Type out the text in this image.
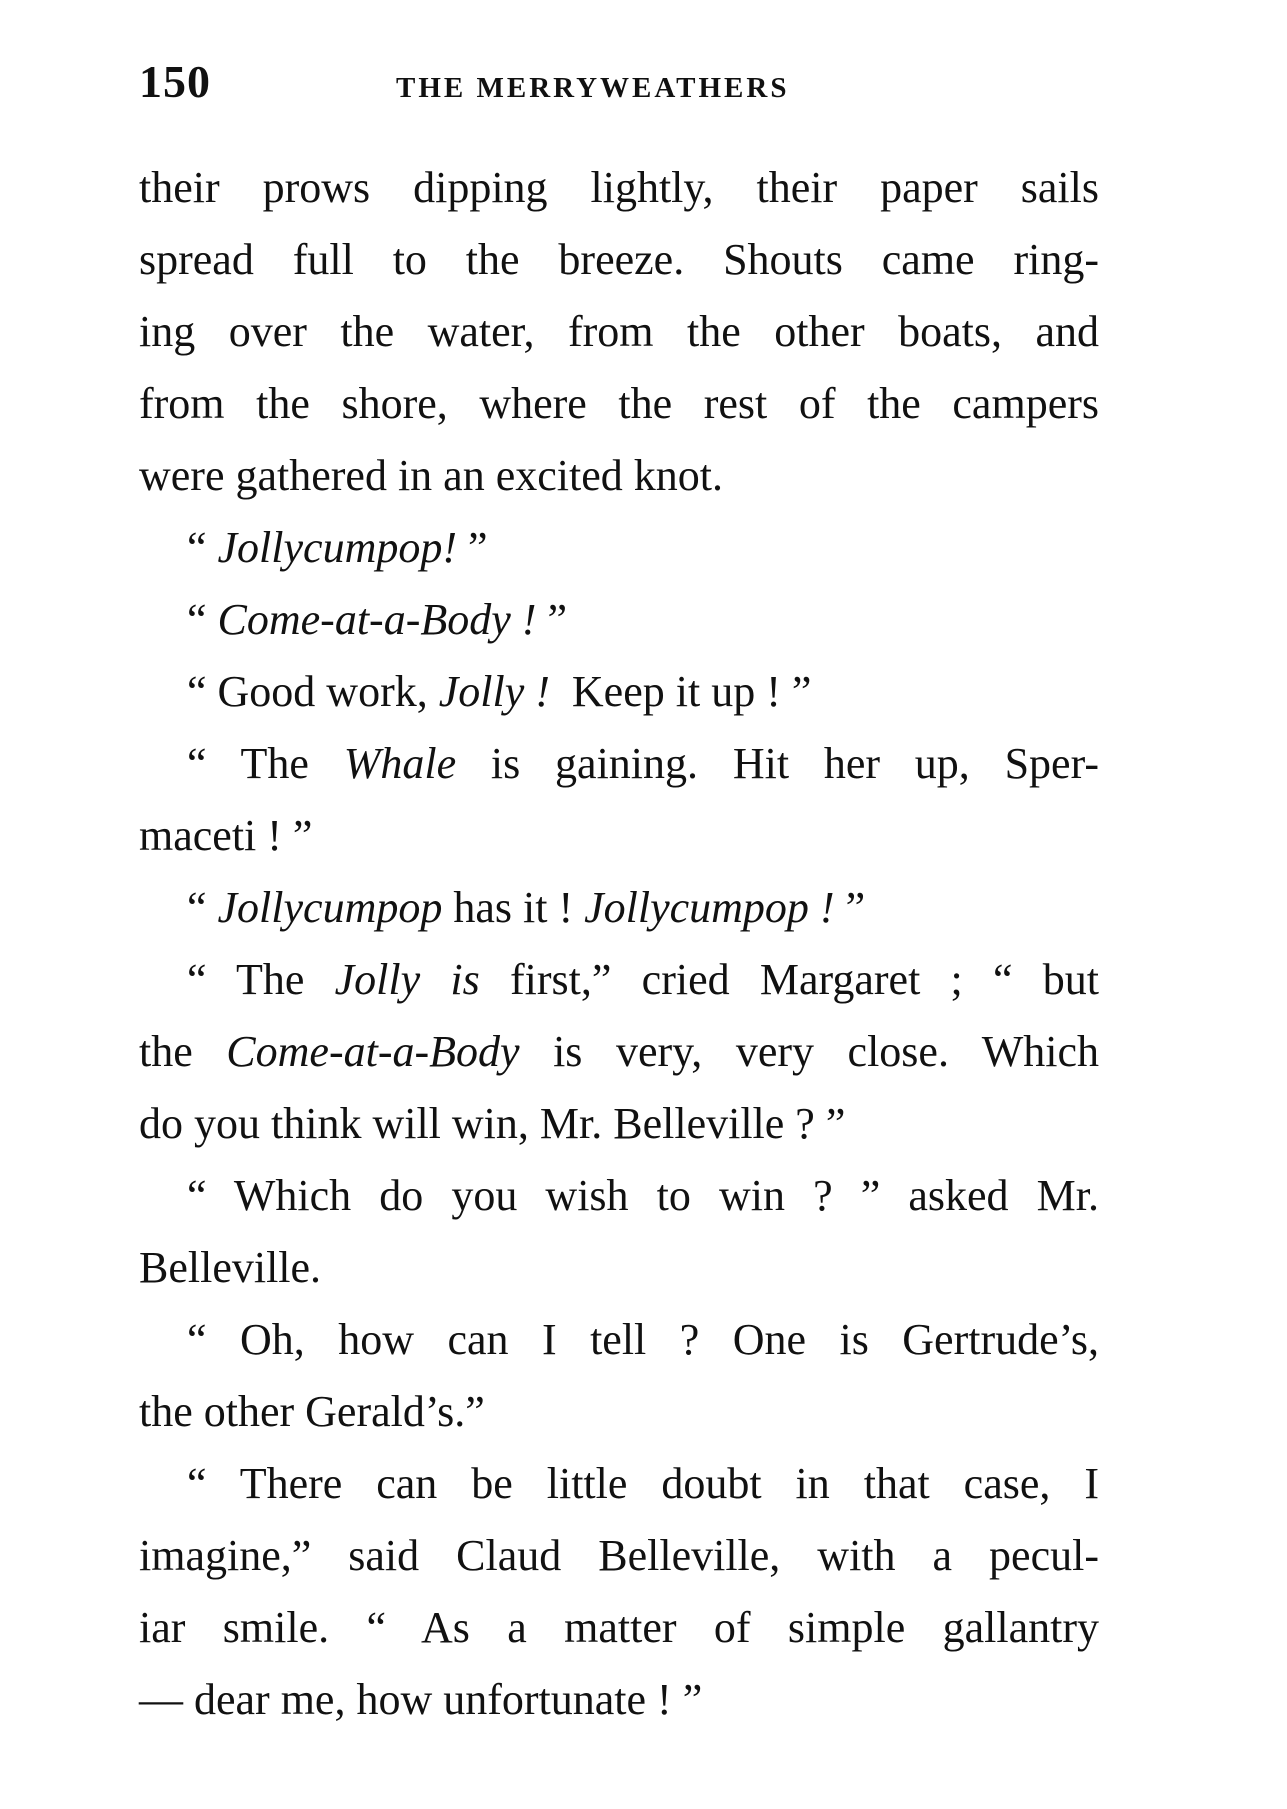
150	THE MERRYWEATHERS
their prows dipping lightly, their paper sails
spread full to the breeze. Shouts came ring-
ing over the water, from the other boats, and
from the shore, where the rest of the campers
were gathered in an excited knot.
“ Jollycumpop! ”
“ Come-at-a-Body ! ”
“ Good work, Jolly !  Keep it up ! ”
“ The Whale is gaining. Hit her up, Sper-
maceti ! ”
“ Jollycumpop has it ! Jollycumpop ! ”
“ The Jolly is first,” cried Margaret ; “ but
the Come-at-a-Body is very, very close. Which
do you think will win, Mr. Belleville ? ”
“ Which do you wish to win ? ” asked Mr.
Belleville.
“ Oh, how can I tell ? One is Gertrude’s,
the other Gerald’s.”
“ There can be little doubt in that case, I
imagine,” said Claud Belleville, with a pecul-
iar smile. “ As a matter of simple gallantry
— dear me, how unfortunate ! ”
